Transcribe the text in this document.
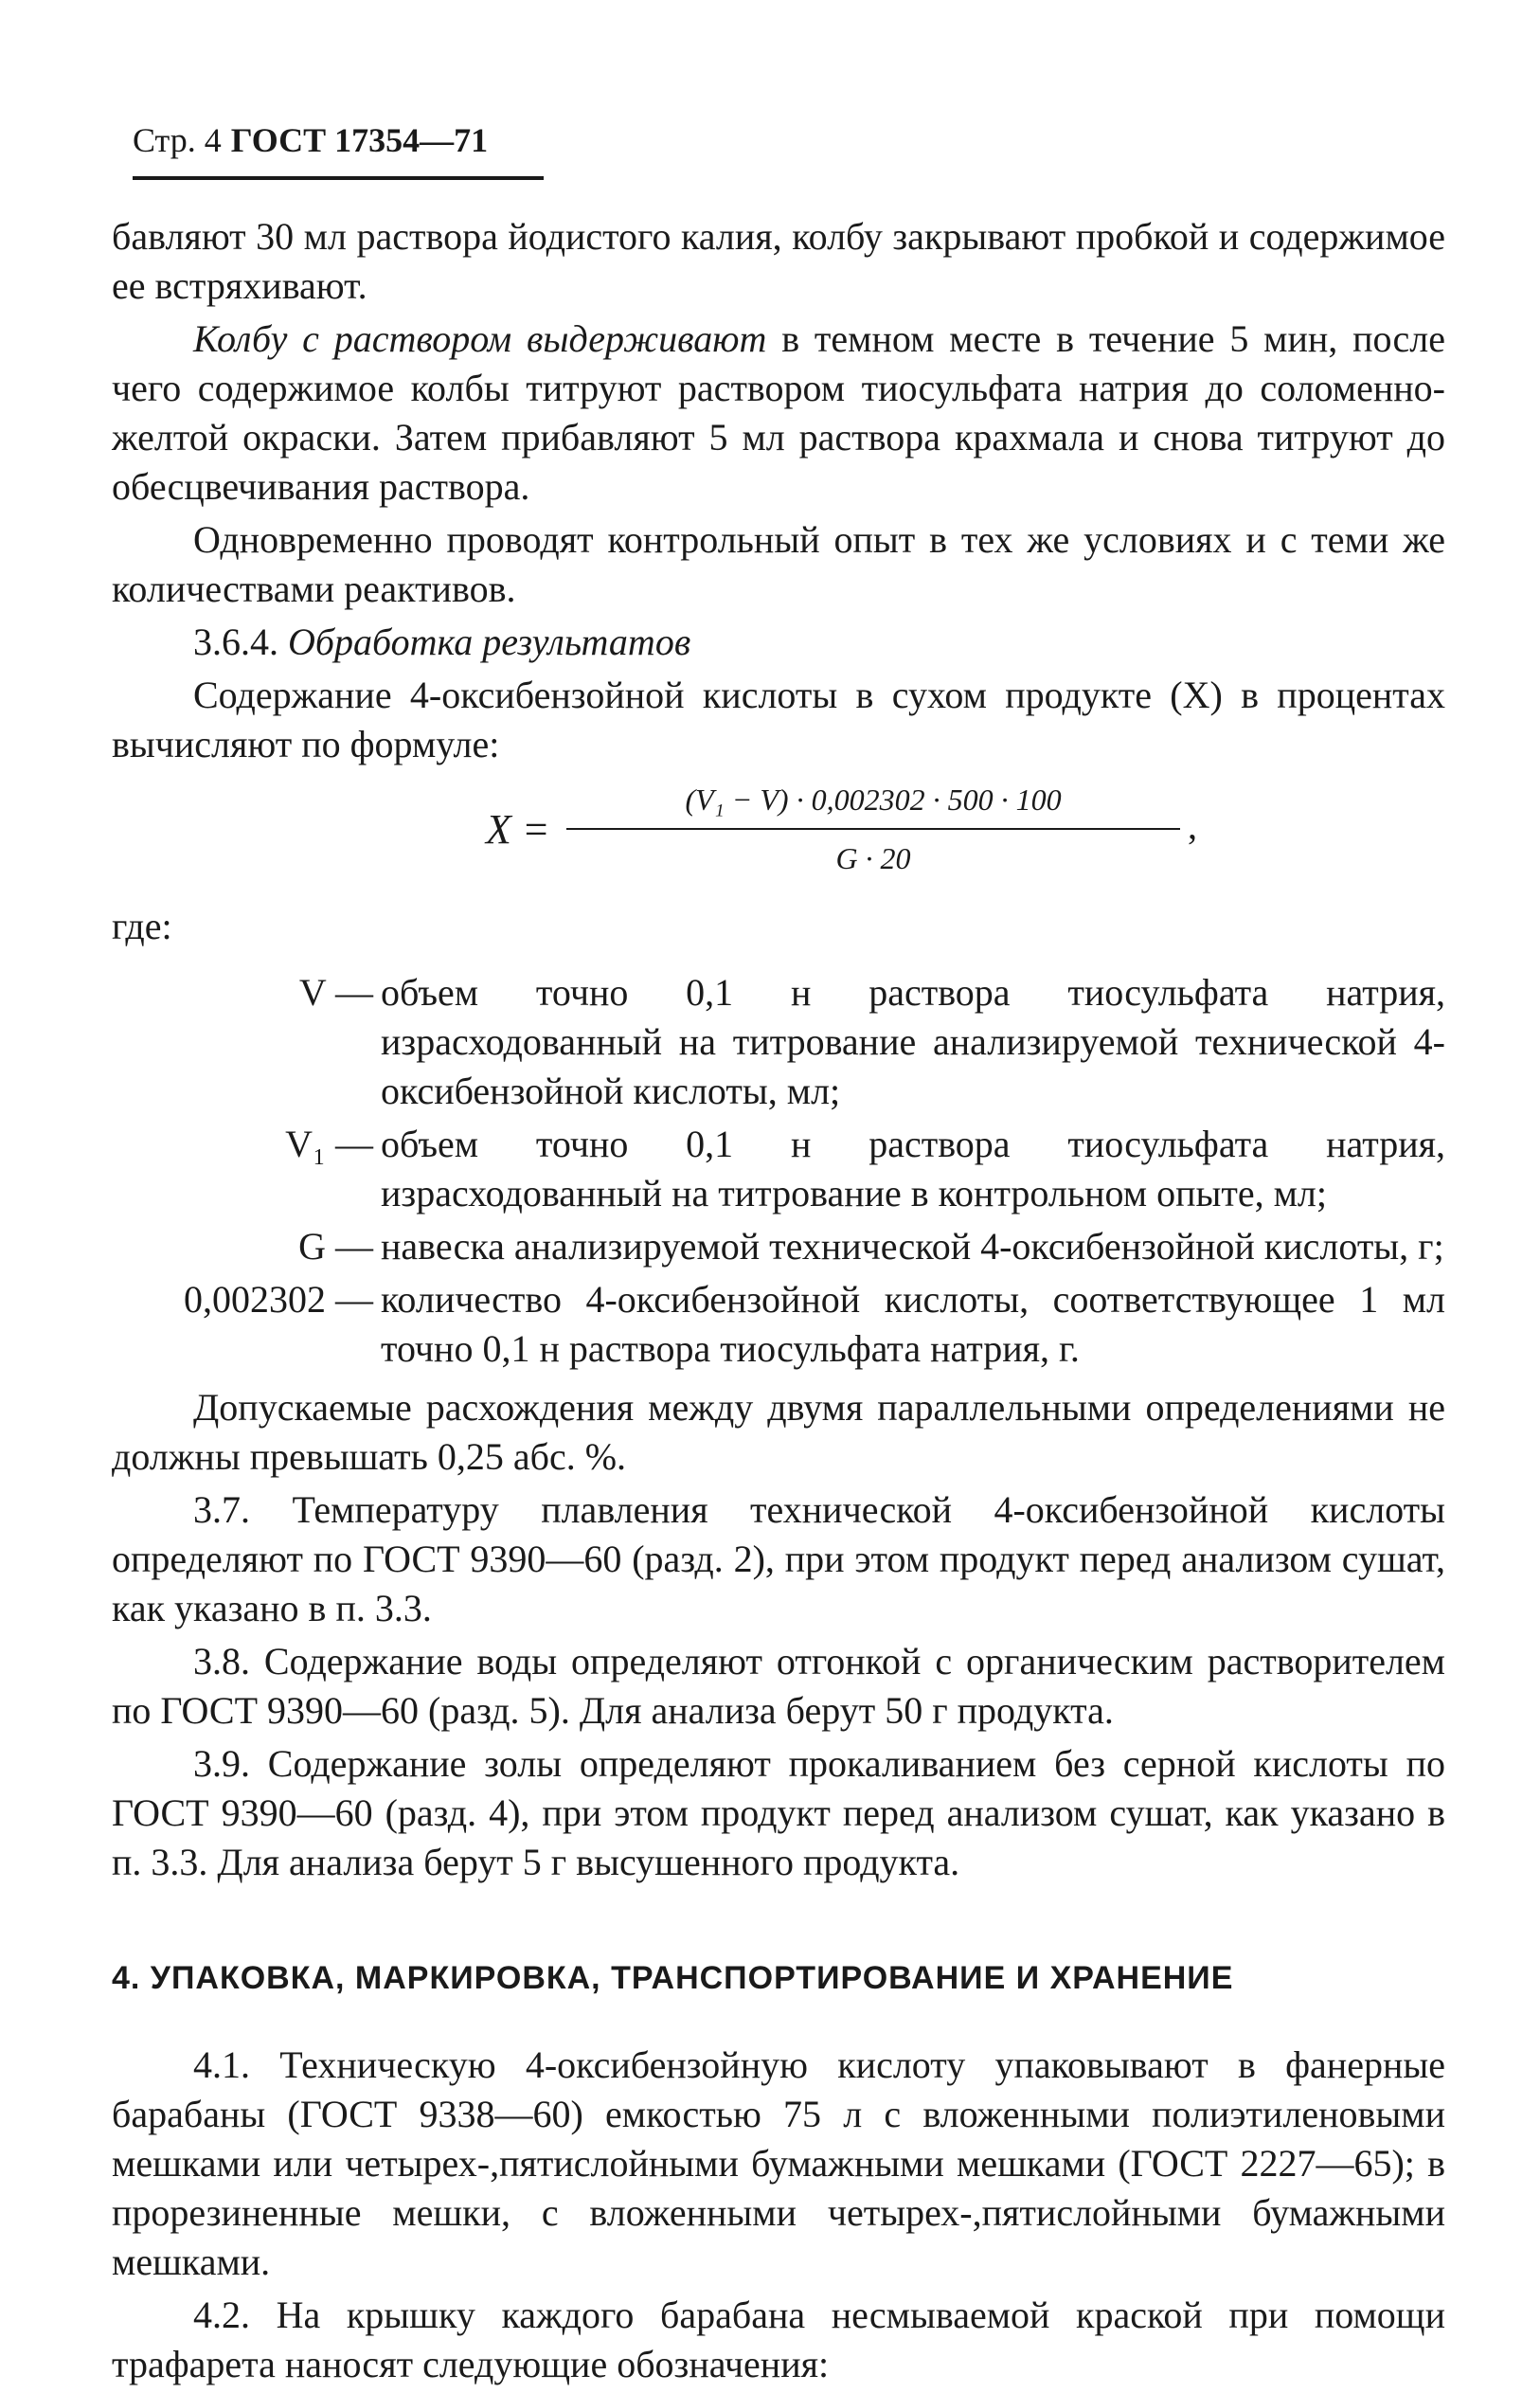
Стр. 4 ГОСТ 17354—71

бавляют 30 мл раствора йодистого калия, колбу закрывают пробкой и содержимое ее встряхивают.

Колбу с раствором выдерживают в темном месте в течение 5 мин, после чего содержимое колбы титруют раствором тиосульфата натрия до соломенно-желтой окраски. Затем прибавляют 5 мл раствора крахмала и снова титруют до обесцвечивания раствора.

Одновременно проводят контрольный опыт в тех же условиях и с теми же количествами реактивов.

3.6.4. Обработка результатов

Содержание 4-оксибензойной кислоты в сухом продукте (X) в процентах вычисляют по формуле:

$X = \frac{\text{(V₁ − V) · 0,002302 · 500 · 100}}{G \cdot 20}$ ,
где:
V — объем точно 0,1 н раствора тиосульфата натрия, израсходованный на титрование анализируемой технической 4-оксибензойной кислоты, мл;
V₁ — объем точно 0,1 н раствора тиосульфата натрия, израсходованный на титрование в контрольном опыте, мл;
G — навеска анализируемой технической 4-оксибензойной кислоты, г;
0,002302 — количество 4-оксибензойной кислоты, соответствующее 1 мл точно 0,1 н раствора тиосульфата натрия, г.

Допускаемые расхождения между двумя параллельными определениями не должны превышать 0,25 абс. %.

3.7. Температуру плавления технической 4-оксибензойной кислоты определяют по ГОСТ 9390—60 (разд. 2), при этом продукт перед анализом сушат, как указано в п. 3.3.

3.8. Содержание воды определяют отгонкой с органическим растворителем по ГОСТ 9390—60 (разд. 5). Для анализа берут 50 г продукта.

3.9. Содержание золы определяют прокаливанием без серной кислоты по ГОСТ 9390—60 (разд. 4), при этом продукт перед анализом сушат, как указано в п. 3.3. Для анализа берут 5 г высушенного продукта.

4. УПАКОВКА, МАРКИРОВКА, ТРАНСПОРТИРОВАНИЕ И ХРАНЕНИЕ

4.1. Техническую 4-оксибензойную кислоту упаковывают в фанерные барабаны (ГОСТ 9338—60) емкостью 75 л с вложенными полиэтиленовыми мешками или четырех-,пятислойными бумажными мешками (ГОСТ 2227—65); в прорезиненные мешки, с вложенными четырех-,пятислойными бумажными мешками.

4.2. На крышку каждого барабана несмываемой краской при помощи трафарета наносят следующие обозначения:
